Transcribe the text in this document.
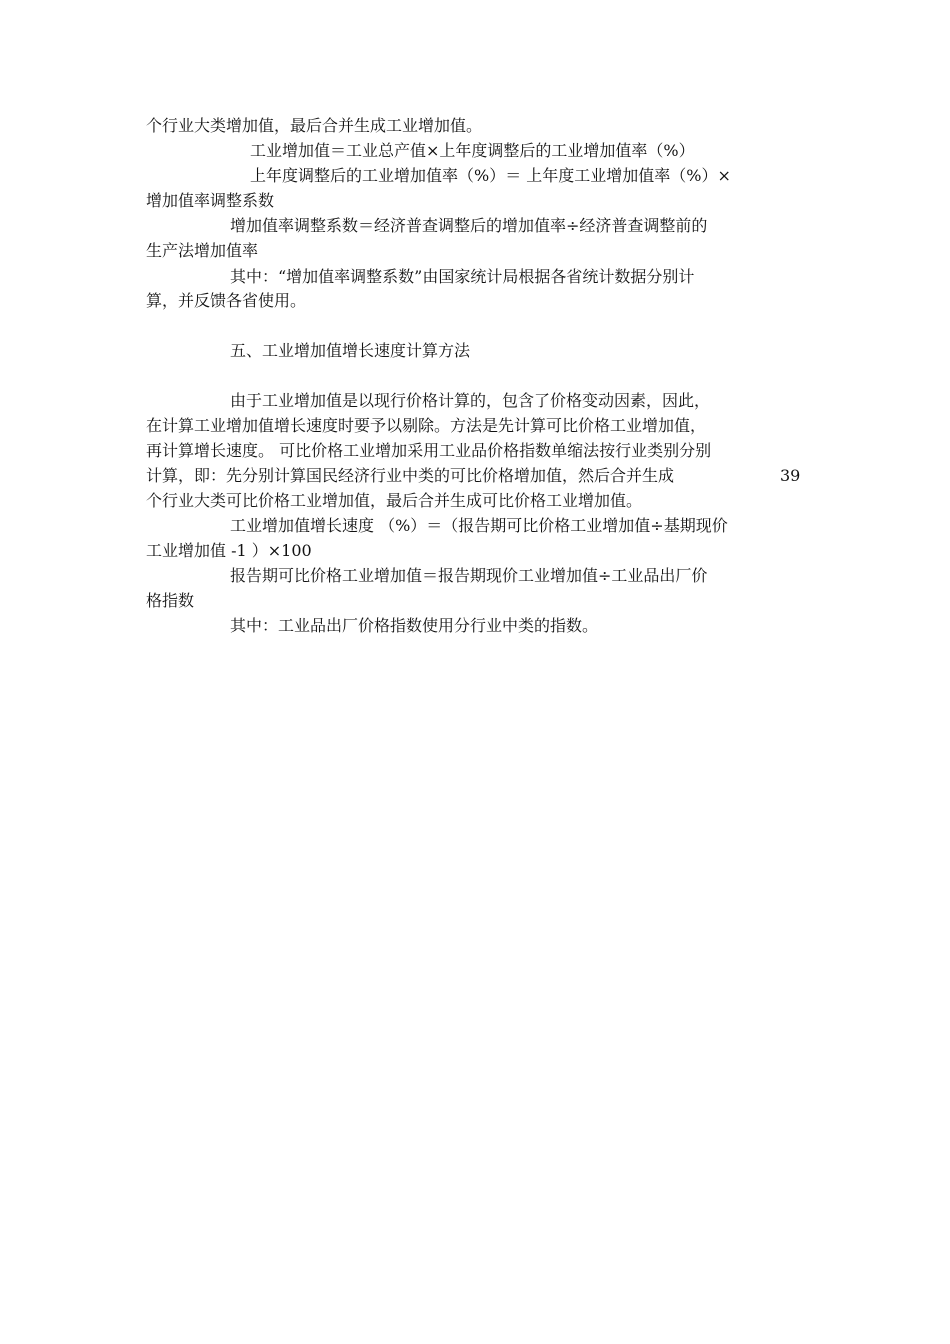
个行业大类增加值，最后合并生成工业增加值。
工业增加值＝工业总产值×上年度调整后的工业增加值率（%）
上年度调整后的工业增加值率（%）＝ 上年度工业增加值率（%）×
增加值率调整系数
增加值率调整系数＝经济普查调整后的增加值率÷经济普查调整前的
生产法增加值率
其中：“增加值率调整系数”由国家统计局根据各省统计数据分别计
算，并反馈各省使用。
五、工业增加值增长速度计算方法
由于工业增加值是以现行价格计算的，包含了价格变动因素，因此，
在计算工业增加值增长速度时要予以剔除。方法是先计算可比价格工业增加值，
再计算增长速度。 可比价格工业增加采用工业品价格指数单缩法按行业类别分别
计算，即：先分别计算国民经济行业中类的可比价格增加值，然后合并生成	39
个行业大类可比价格工业增加值，最后合并生成可比价格工业增加值。
工业增加值增长速度 （%）＝（报告期可比价格工业增加值÷基期现价
工业增加值 -1 ）×100
报告期可比价格工业增加值＝报告期现价工业增加值÷工业品出厂价
格指数
其中：工业品出厂价格指数使用分行业中类的指数。
